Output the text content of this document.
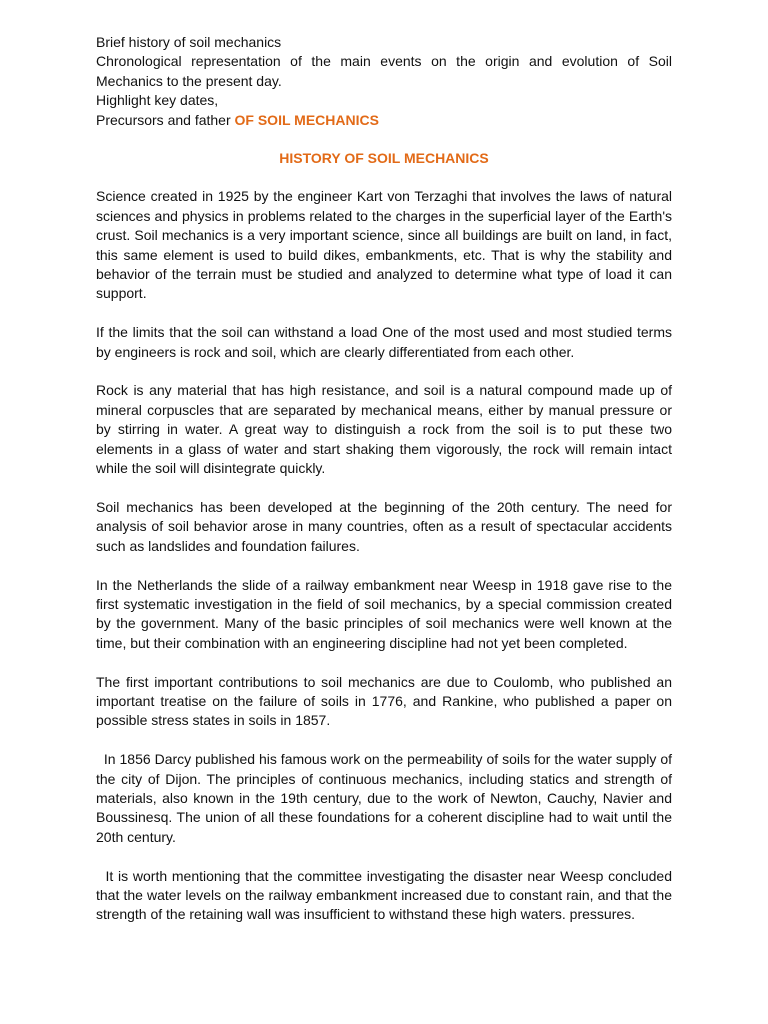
Brief history of soil mechanics

Chronological representation of the main events on the origin and evolution of Soil Mechanics to the present day.

Highlight key dates,

Precursors and father OF SOIL MECHANICS

HISTORY OF SOIL MECHANICS

Science created in 1925 by the engineer Kart von Terzaghi that involves the laws of natural sciences and physics in problems related to the charges in the superficial layer of the Earth's crust. Soil mechanics is a very important science, since all buildings are built on land, in fact, this same element is used to build dikes, embankments, etc. That is why the stability and behavior of the terrain must be studied and analyzed to determine what type of load it can support.

If the limits that the soil can withstand a load One of the most used and most studied terms by engineers is rock and soil, which are clearly differentiated from each other.

Rock is any material that has high resistance, and soil is a natural compound made up of mineral corpuscles that are separated by mechanical means, either by manual pressure or by stirring in water. A great way to distinguish a rock from the soil is to put these two elements in a glass of water and start shaking them vigorously, the rock will remain intact while the soil will disintegrate quickly.

Soil mechanics has been developed at the beginning of the 20th century. The need for analysis of soil behavior arose in many countries, often as a result of spectacular accidents such as landslides and foundation failures.

In the Netherlands the slide of a railway embankment near Weesp in 1918 gave rise to the first systematic investigation in the field of soil mechanics, by a special commission created by the government. Many of the basic principles of soil mechanics were well known at the time, but their combination with an engineering discipline had not yet been completed.

The first important contributions to soil mechanics are due to Coulomb, who published an important treatise on the failure of soils in 1776, and Rankine, who published a paper on possible stress states in soils in 1857.

In 1856 Darcy published his famous work on the permeability of soils for the water supply of the city of Dijon. The principles of continuous mechanics, including statics and strength of materials, also known in the 19th century, due to the work of Newton, Cauchy, Navier and Boussinesq. The union of all these foundations for a coherent discipline had to wait until the 20th century.

It is worth mentioning that the committee investigating the disaster near Weesp concluded that the water levels on the railway embankment increased due to constant rain, and that the strength of the retaining wall was insufficient to withstand these high waters. pressures.
